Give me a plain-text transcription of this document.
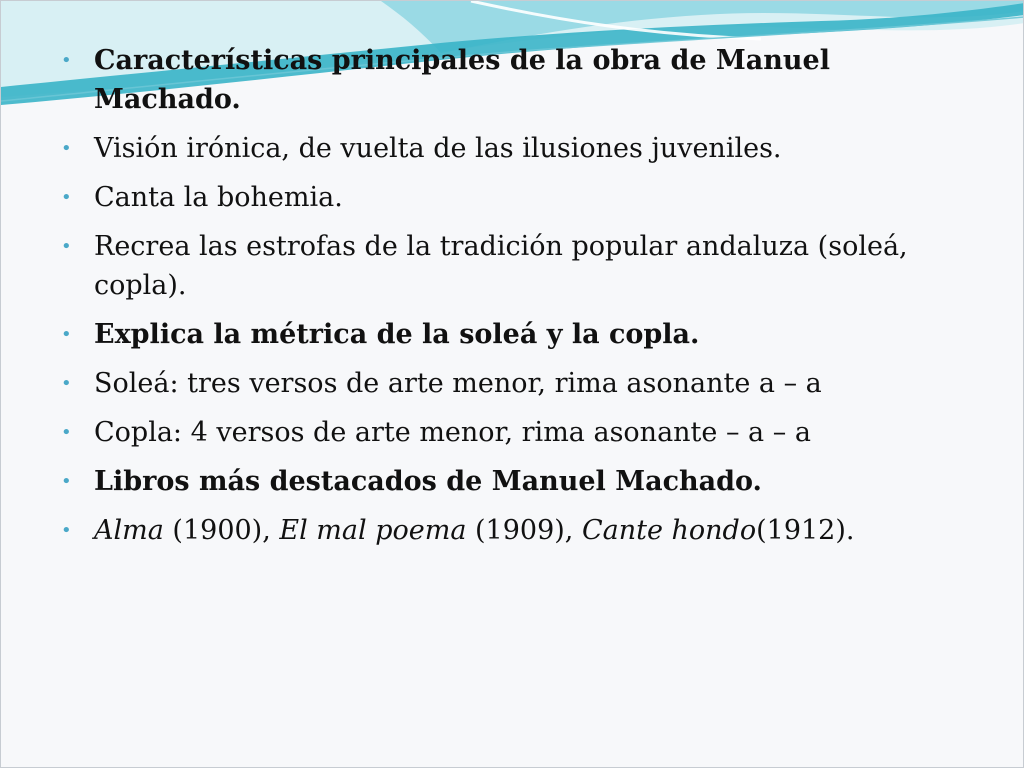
• Características principales de la obra de Manuel Machado.
• Visión irónica, de vuelta de las ilusiones juveniles.
• Canta la bohemia.
• Recrea las estrofas de la tradición popular andaluza (soleá, copla).
• Explica la métrica de la soleá y la copla.
• Soleá: tres versos de arte menor, rima asonante a – a
• Copla: 4 versos de arte menor, rima asonante – a – a
• Libros más destacados de Manuel Machado.
• Alma (1900), El mal poema (1909), Cante hondo(1912).
